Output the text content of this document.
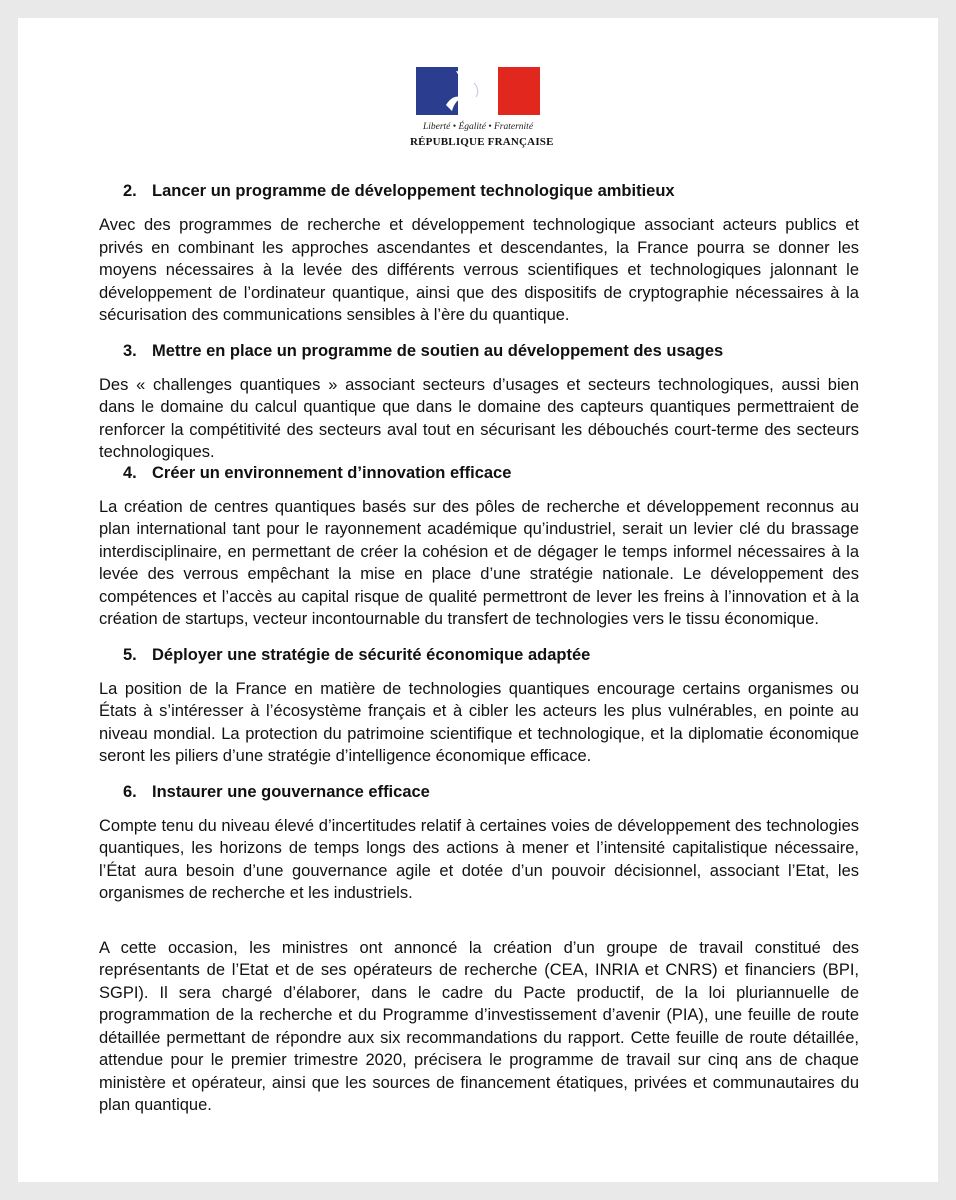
Liberté • Égalité • Fraternité
RÉPUBLIQUE FRANÇAISE
2. Lancer un programme de développement technologique ambitieux

Avec des programmes de recherche et développement technologique associant acteurs publics et privés en combinant les approches ascendantes et descendantes, la France pourra se donner les moyens nécessaires à la levée des différents verrous scientifiques et technologiques jalonnant le développement de l’ordinateur quantique, ainsi que des dispositifs de cryptographie nécessaires à la sécurisation des communications sensibles à l’ère du quantique.

3. Mettre en place un programme de soutien au développement des usages

Des « challenges quantiques » associant secteurs d’usages et secteurs technologiques, aussi bien dans le domaine du calcul quantique que dans le domaine des capteurs quantiques permettraient de renforcer la compétitivité des secteurs aval tout en sécurisant les débouchés court-terme des secteurs technologiques.

4. Créer un environnement d’innovation efficace

La création de centres quantiques basés sur des pôles de recherche et développement reconnus au plan international tant pour le rayonnement académique qu’industriel, serait un levier clé du brassage interdisciplinaire, en permettant de créer la cohésion et de dégager le temps informel nécessaires à la levée des verrous empêchant la mise en place d’une stratégie nationale. Le développement des compétences et l’accès au capital risque de qualité permettront de lever les freins à l’innovation et à la création de startups, vecteur incontournable du transfert de technologies vers le tissu économique.

5. Déployer une stratégie de sécurité économique adaptée

La position de la France en matière de technologies quantiques encourage certains organismes ou États à s’intéresser à l’écosystème français et à cibler les acteurs les plus vulnérables, en pointe au niveau mondial. La protection du patrimoine scientifique et technologique, et la diplomatie économique seront les piliers d’une stratégie d’intelligence économique efficace.

6. Instaurer une gouvernance efficace

Compte tenu du niveau élevé d’incertitudes relatif à certaines voies de développement des technologies quantiques, les horizons de temps longs des actions à mener et l’intensité capitalistique nécessaire, l’État aura besoin d’une gouvernance agile et dotée d’un pouvoir décisionnel, associant l’Etat, les organismes de recherche et les industriels.

A cette occasion, les ministres ont annoncé la création d’un groupe de travail constitué des représentants de l’Etat et de ses opérateurs de recherche (CEA, INRIA et CNRS) et financiers (BPI, SGPI). Il sera chargé d’élaborer, dans le cadre du Pacte productif, de la loi pluriannuelle de programmation de la recherche et du Programme d’investissement d’avenir (PIA), une feuille de route détaillée permettant de répondre aux six recommandations du rapport. Cette feuille de route détaillée, attendue pour le premier trimestre 2020, précisera le programme de travail sur cinq ans de chaque ministère et opérateur, ainsi que les sources de financement étatiques, privées et communautaires du plan quantique.
